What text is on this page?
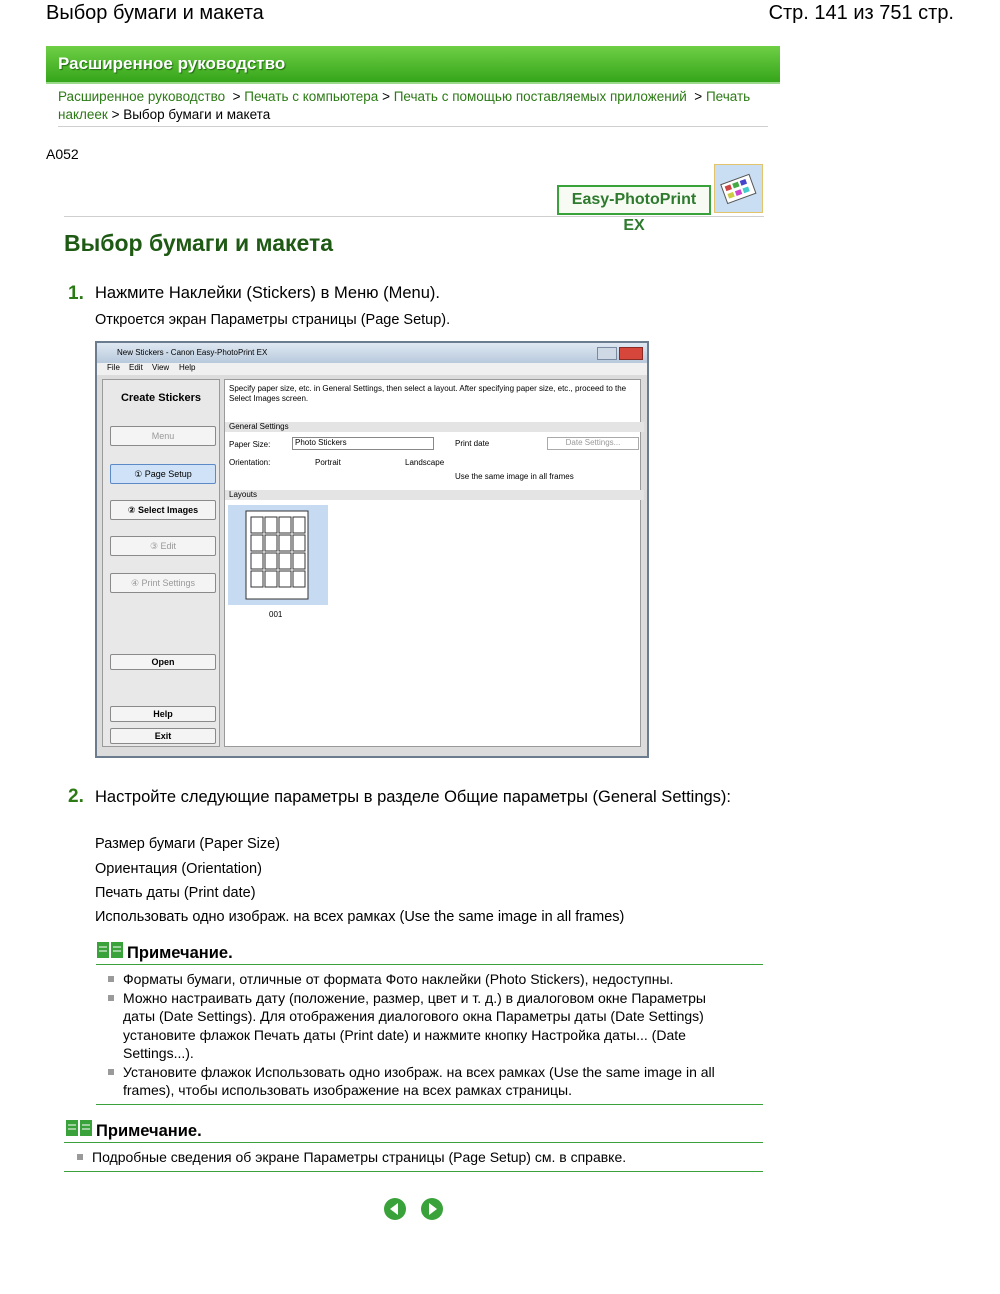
Выбор бумаги и макета	Стр. 141 из 751 стр.
Расширенное руководство
Расширенное руководство  > Печать с компьютера > Печать с помощью поставляемых приложений  > Печать наклеек > Выбор бумаги и макета
A052
Easy-PhotoPrint EX
Выбор бумаги и макета
1. Нажмите Наклейки (Stickers) в Меню (Menu).
Откроется экран Параметры страницы (Page Setup).
New Stickers - Canon Easy-PhotoPrint EX
File Edit View Help
Create Stickers
Menu
① Page Setup
② Select Images
③ Edit
④ Print Settings
Open
Help
Exit
Specify paper size, etc. in General Settings, then select a layout. After specifying paper size, etc., proceed to the Select Images screen.
General Settings
Paper Size:	Photo Stickers	Print date	Date Settings...
Orientation:	Portrait	Landscape
Use the same image in all frames
Layouts
001
2. Настройте следующие параметры в разделе Общие параметры (General Settings):
Размер бумаги (Paper Size)
Ориентация (Orientation)
Печать даты (Print date)
Использовать одно изображ. на всех рамках (Use the same image in all frames)
Примечание.
Форматы бумаги, отличные от формата Фото наклейки (Photo Stickers), недоступны.
Можно настраивать дату (положение, размер, цвет и т. д.) в диалоговом окне Параметры даты (Date Settings). Для отображения диалогового окна Параметры даты (Date Settings) установите флажок Печать даты (Print date) и нажмите кнопку Настройка даты... (Date Settings...).
Установите флажок Использовать одно изображ. на всех рамках (Use the same image in all frames), чтобы использовать изображение на всех рамках страницы.
Примечание.
Подробные сведения об экране Параметры страницы (Page Setup) см. в справке.
